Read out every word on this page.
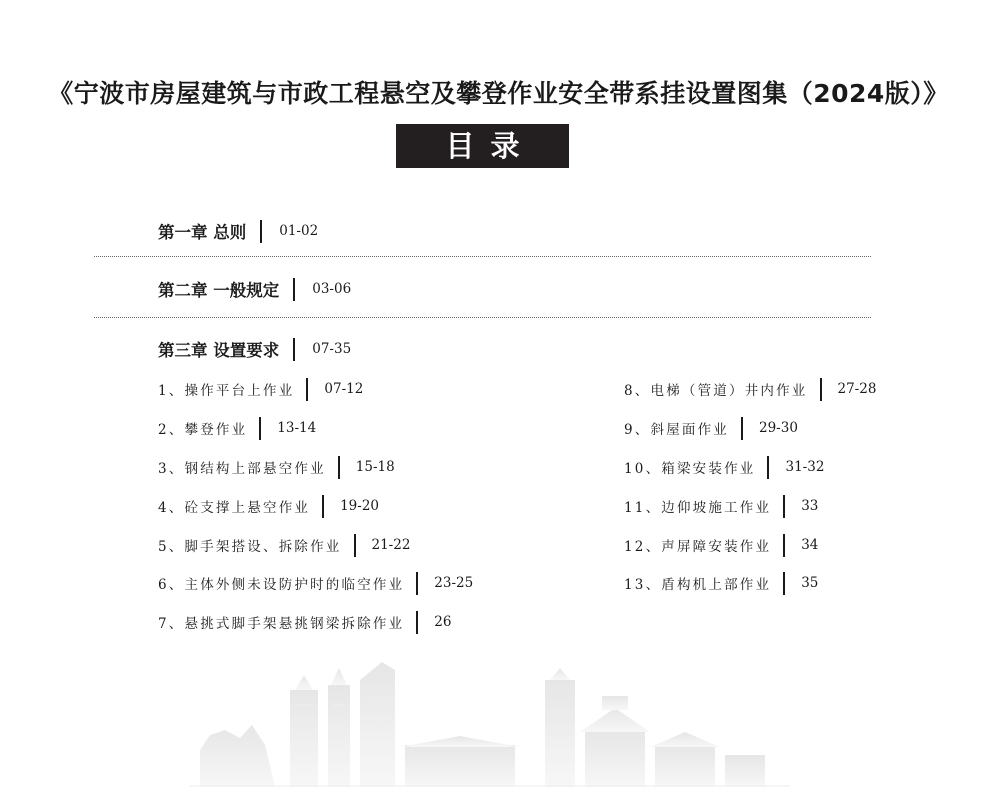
《宁波市房屋建筑与市政工程悬空及攀登作业安全带系挂设置图集（2024版）》
目录
第一章 总则 01-02
第二章 一般规定 03-06
第三章 设置要求 07-35
1、操作平台上作业 07-12
2、攀登作业 13-14
3、钢结构上部悬空作业 15-18
4、砼支撑上悬空作业 19-20
5、脚手架搭设、拆除作业 21-22
6、主体外侧未设防护时的临空作业 23-25
7、悬挑式脚手架悬挑钢梁拆除作业 26
8、电梯（管道）井内作业 27-28
9、斜屋面作业 29-30
10、箱梁安装作业 31-32
11、边仰坡施工作业 33
12、声屏障安装作业 34
13、盾构机上部作业 35
